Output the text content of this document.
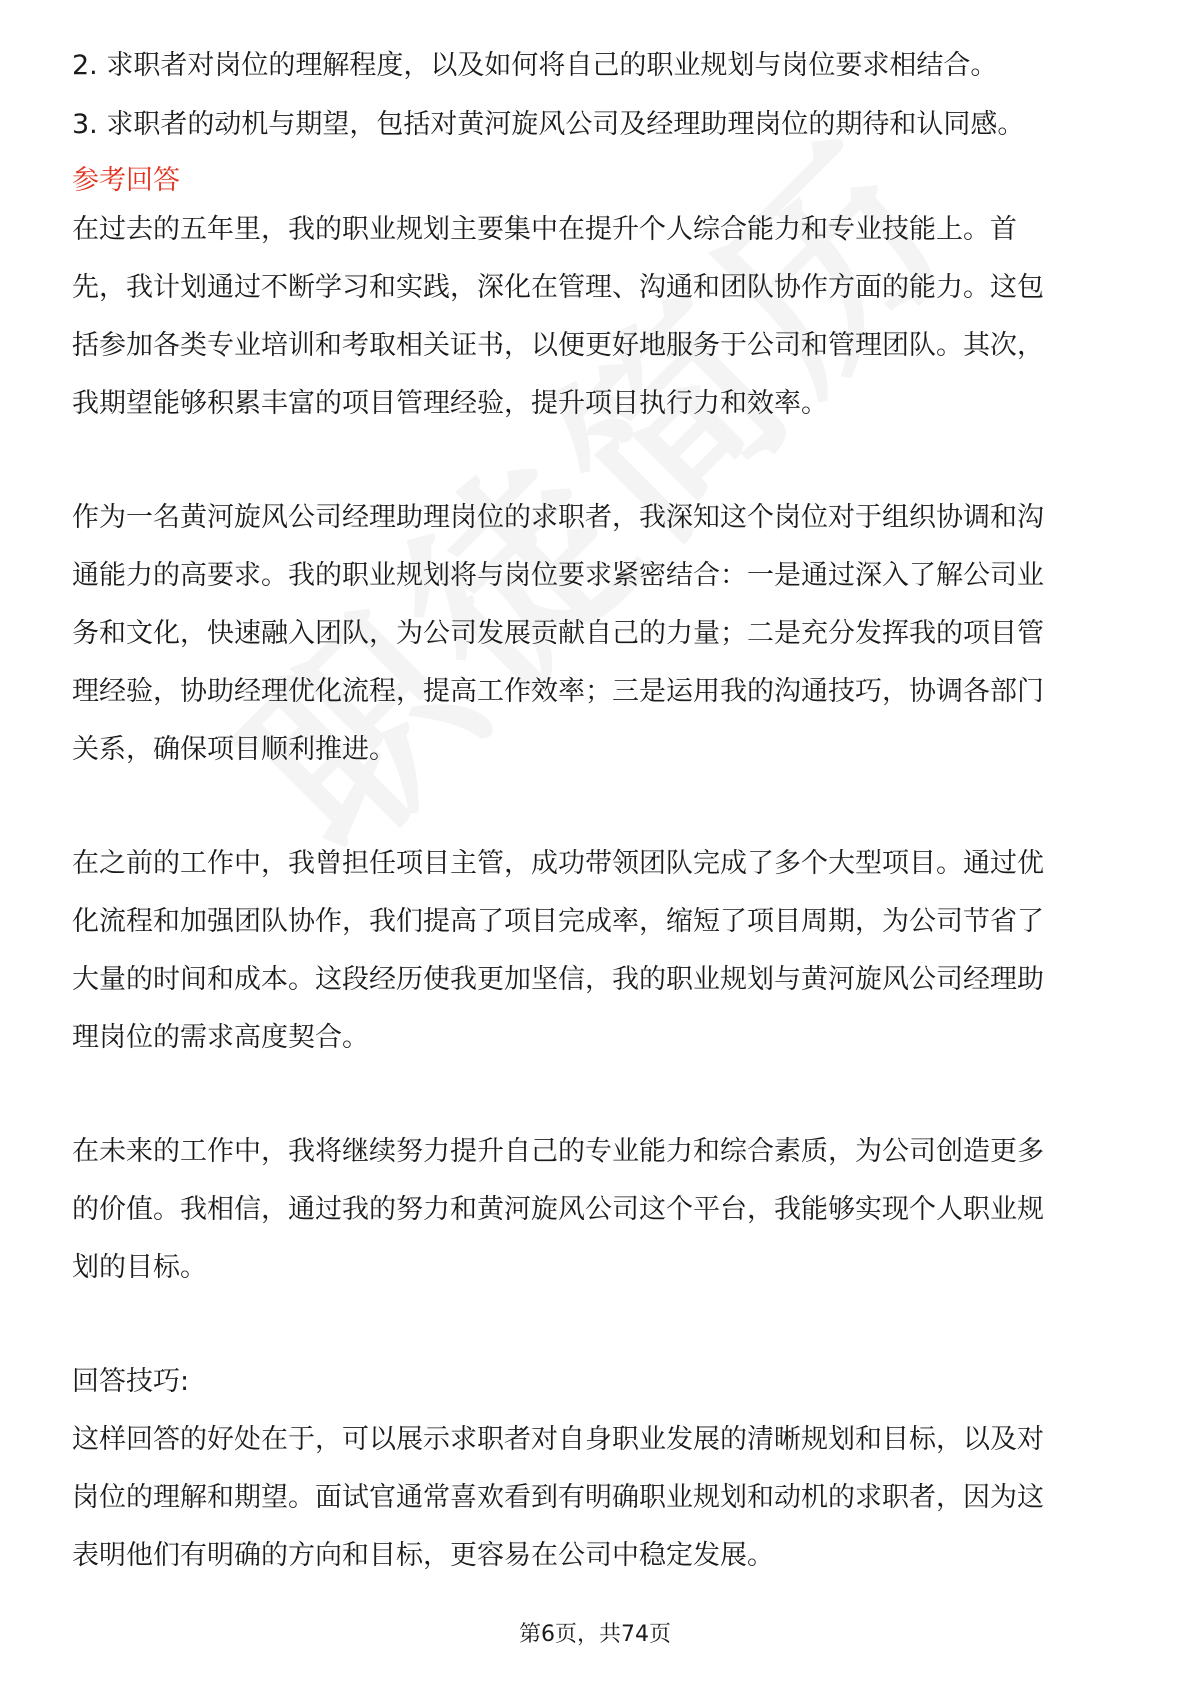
2. 求职者对岗位的理解程度，以及如何将自己的职业规划与岗位要求相结合。

3. 求职者的动机与期望，包括对黄河旋风公司及经理助理岗位的期待和认同感。

参考回答

在过去的五年里，我的职业规划主要集中在提升个人综合能力和专业技能上。首

先，我计划通过不断学习和实践，深化在管理、沟通和团队协作方面的能力。这包

括参加各类专业培训和考取相关证书，以便更好地服务于公司和管理团队。其次，

我期望能够积累丰富的项目管理经验，提升项目执行力和效率。

作为一名黄河旋风公司经理助理岗位的求职者，我深知这个岗位对于组织协调和沟

通能力的高要求。我的职业规划将与岗位要求紧密结合：一是通过深入了解公司业

务和文化，快速融入团队，为公司发展贡献自己的力量；二是充分发挥我的项目管

理经验，协助经理优化流程，提高工作效率；三是运用我的沟通技巧，协调各部门

关系，确保项目顺利推进。

在之前的工作中，我曾担任项目主管，成功带领团队完成了多个大型项目。通过优

化流程和加强团队协作，我们提高了项目完成率，缩短了项目周期，为公司节省了

大量的时间和成本。这段经历使我更加坚信，我的职业规划与黄河旋风公司经理助

理岗位的需求高度契合。

在未来的工作中，我将继续努力提升自己的专业能力和综合素质，为公司创造更多

的价值。我相信，通过我的努力和黄河旋风公司这个平台，我能够实现个人职业规

划的目标。

回答技巧:

这样回答的好处在于，可以展示求职者对自身职业发展的清晰规划和目标，以及对

岗位的理解和期望。面试官通常喜欢看到有明确职业规划和动机的求职者，因为这

表明他们有明确的方向和目标，更容易在公司中稳定发展。

第6页，共74页
